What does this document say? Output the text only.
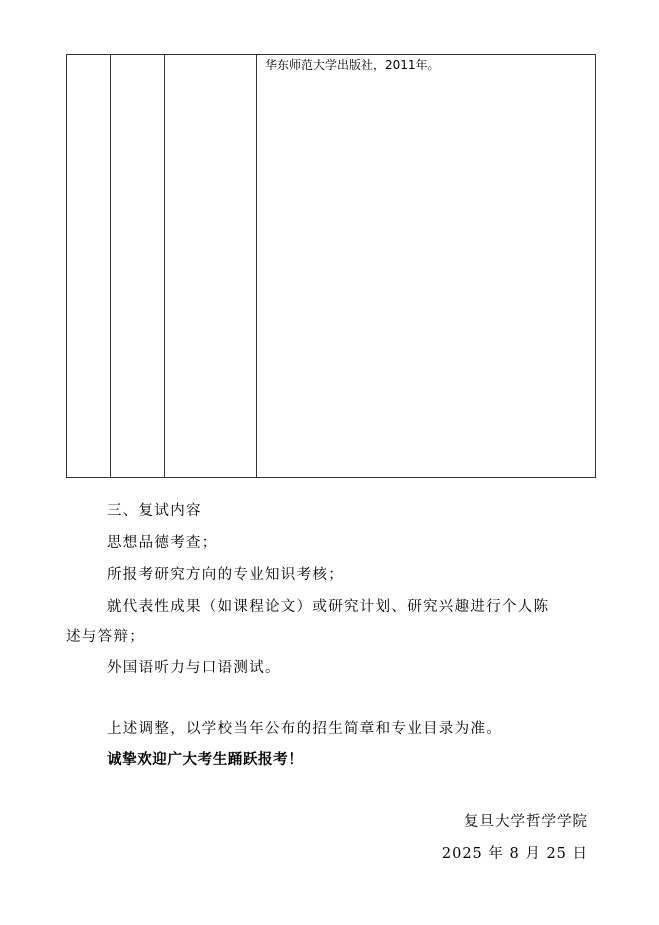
华东师范大学出版社，2011年。
三、复试内容
思想品德考查；
所报考研究方向的专业知识考核；
就代表性成果（如课程论文）或研究计划、研究兴趣进行个人陈
述与答辩；
外国语听力与口语测试。
上述调整，以学校当年公布的招生简章和专业目录为准。
诚挚欢迎广大考生踊跃报考！
复旦大学哲学学院
2025 年 8 月 25 日
